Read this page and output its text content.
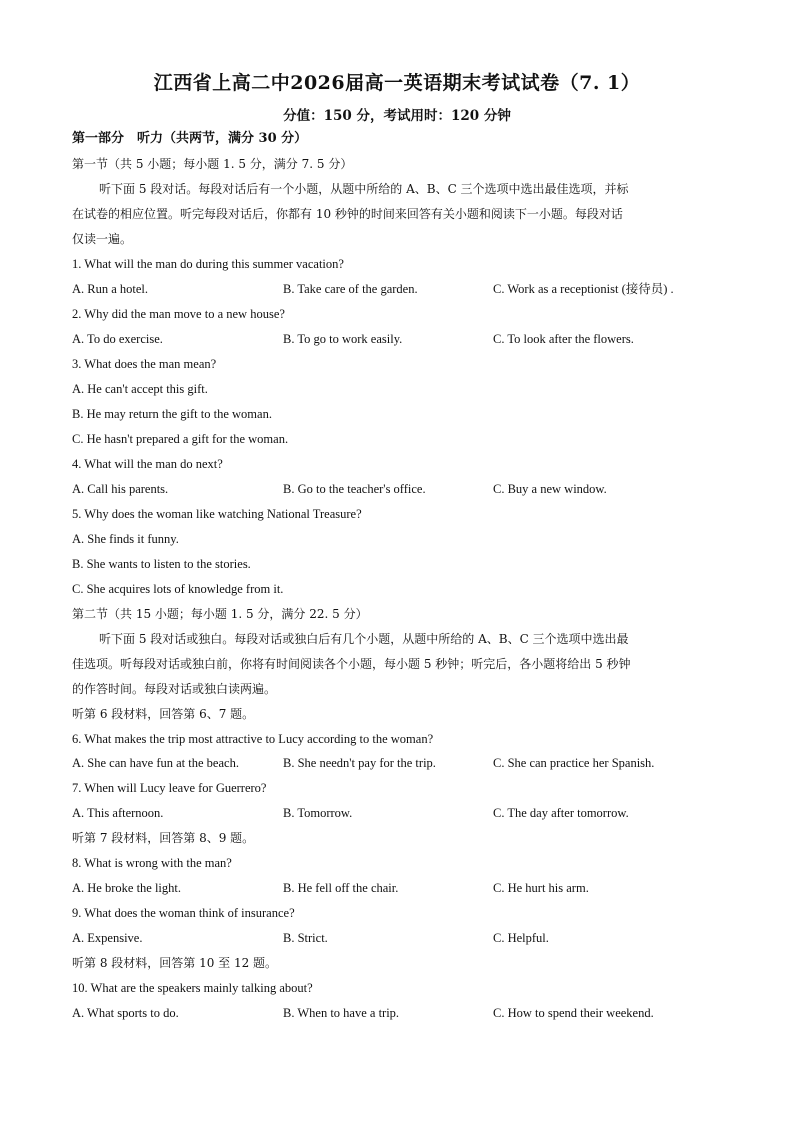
江西省上高二中2026届高一英语期末考试试卷（7. 1）
分值：150 分，考试用时：120 分钟
第一部分　听力（共两节，满分 30 分）
第一节（共 5 小题；每小题 1. 5 分，满分 7. 5 分）
听下面 5 段对话。每段对话后有一个小题，从题中所给的 A、B、C 三个选项中选出最佳选项，并标
在试卷的相应位置。听完每段对话后，你都有 10 秒钟的时间来回答有关小题和阅读下一小题。每段对话
仅读一遍。
1. What will the man do during this summer vacation?
A. Run a hotel.	B. Take care of the garden.	C. Work as a receptionist (接待员) .
2. Why did the man move to a new house?
A. To do exercise.	B. To go to work easily.	C. To look after the flowers.
3. What does the man mean?
A. He can't accept this gift.
B. He may return the gift to the woman.
C. He hasn't prepared a gift for the woman.
4. What will the man do next?
A. Call his parents.	B. Go to the teacher's office.	C. Buy a new window.
5. Why does the woman like watching National Treasure?
A. She finds it funny.
B. She wants to listen to the stories.
C. She acquires lots of knowledge from it.
第二节（共 15 小题；每小题 1. 5 分，满分 22. 5 分）
听下面 5 段对话或独白。每段对话或独白后有几个小题，从题中所给的 A、B、C 三个选项中选出最
佳选项。听每段对话或独白前，你将有时间阅读各个小题，每小题 5 秒钟；听完后，各小题将给出 5 秒钟
的作答时间。每段对话或独白读两遍。
听第 6 段材料，回答第 6、7 题。
6. What makes the trip most attractive to Lucy according to the woman?
A. She can have fun at the beach.	B. She needn't pay for the trip.	C. She can practice her Spanish.
7. When will Lucy leave for Guerrero?
A. This afternoon.	B. Tomorrow.	C. The day after tomorrow.
听第 7 段材料，回答第 8、9 题。
8. What is wrong with the man?
A. He broke the light.	B. He fell off the chair.	C. He hurt his arm.
9. What does the woman think of insurance?
A. Expensive.	B. Strict.	C. Helpful.
听第 8 段材料，回答第 10 至 12 题。
10. What are the speakers mainly talking about?
A. What sports to do.	B. When to have a trip.	C. How to spend their weekend.
